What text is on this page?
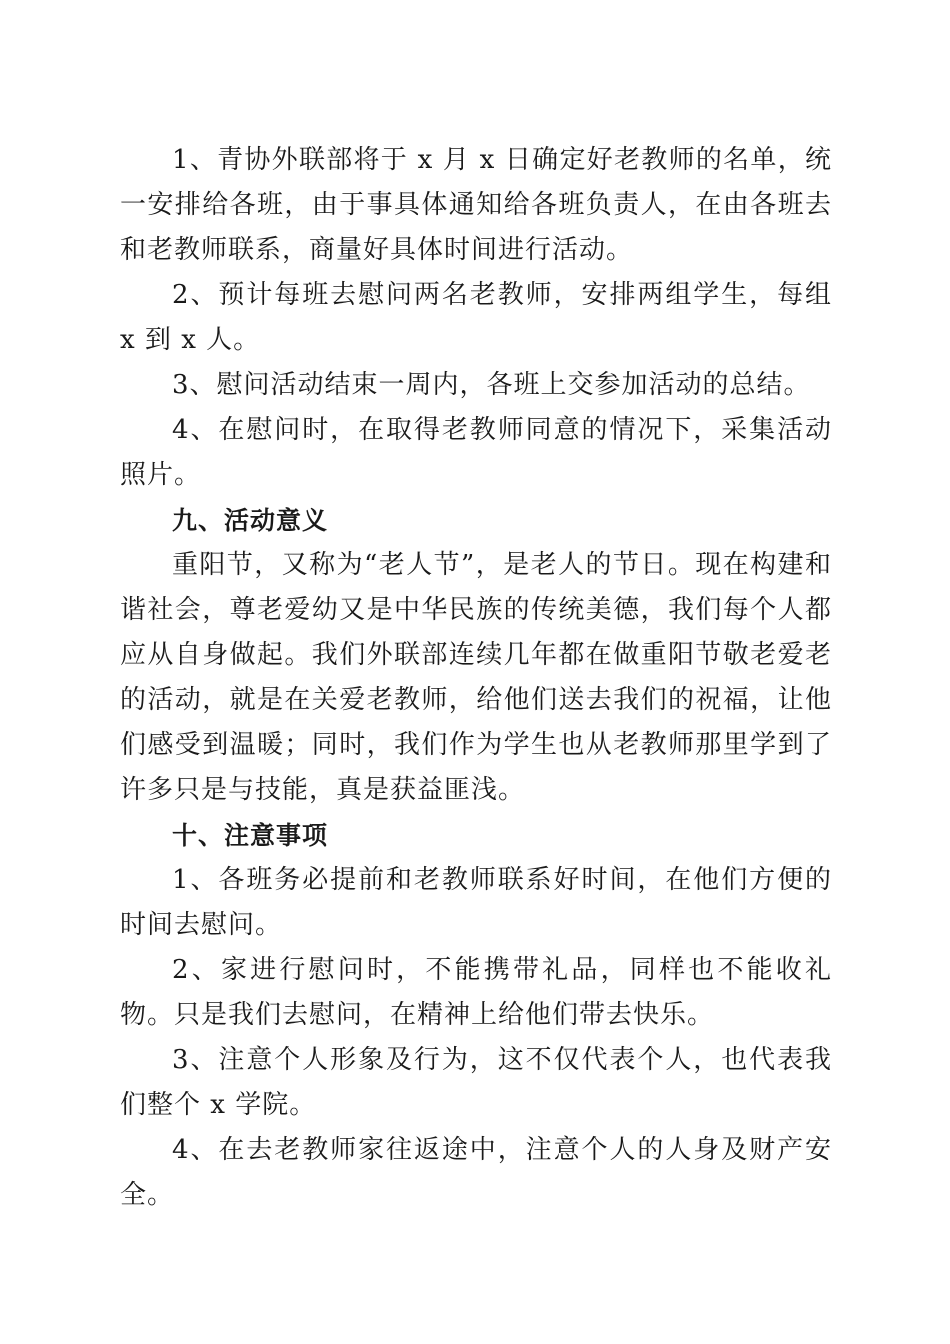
1、青协外联部将于 x 月 x 日确定好老教师的名单，统一安排给各班，由于事具体通知给各班负责人，在由各班去和老教师联系，商量好具体时间进行活动。

2、预计每班去慰问两名老教师，安排两组学生，每组 x 到 x 人。

3、慰问活动结束一周内，各班上交参加活动的总结。

4、在慰问时，在取得老教师同意的情况下，采集活动照片。

九、活动意义

重阳节，又称为“老人节”，是老人的节日。现在构建和谐社会，尊老爱幼又是中华民族的传统美德，我们每个人都应从自身做起。我们外联部连续几年都在做重阳节敬老爱老的活动，就是在关爱老教师，给他们送去我们的祝福，让他们感受到温暖；同时，我们作为学生也从老教师那里学到了许多只是与技能，真是获益匪浅。

十、注意事项

1、各班务必提前和老教师联系好时间，在他们方便的时间去慰问。

2、家进行慰问时，不能携带礼品，同样也不能收礼物。只是我们去慰问，在精神上给他们带去快乐。

3、注意个人形象及行为，这不仅代表个人，也代表我们整个 x 学院。

4、在去老教师家往返途中，注意个人的人身及财产安全。
